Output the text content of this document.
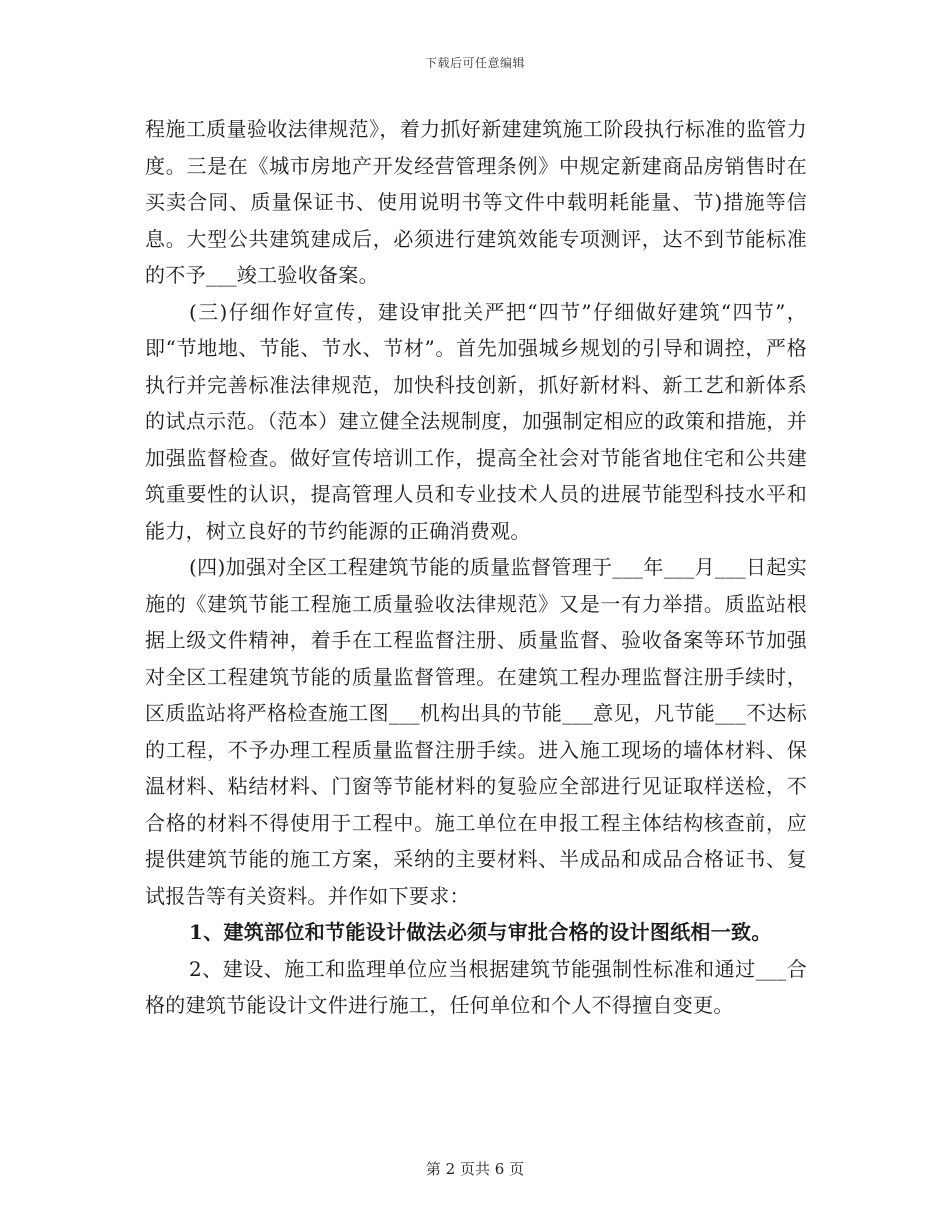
下载后可任意编辑

程施工质量验收法律规范》，着力抓好新建建筑施工阶段执行标准的监管力度。三是在《城市房地产开发经营管理条例》中规定新建商品房销售时在买卖合同、质量保证书、使用说明书等文件中载明耗能量、节)措施等信息。大型公共建筑建成后，必须进行建筑效能专项测评，达不到节能标准的不予___竣工验收备案。

(三)仔细作好宣传，建设审批关严把“四节”仔细做好建筑“四节”，即“节地地、节能、节水、节材”。首先加强城乡规划的引导和调控，严格执行并完善标准法律规范，加快科技创新，抓好新材料、新工艺和新体系的试点示范。（范本）建立健全法规制度，加强制定相应的政策和措施，并加强监督检查。做好宣传培训工作，提高全社会对节能省地住宅和公共建筑重要性的认识，提高管理人员和专业技术人员的进展节能型科技水平和能力，树立良好的节约能源的正确消费观。

(四)加强对全区工程建筑节能的质量监督管理于___年___月___日起实施的《建筑节能工程施工质量验收法律规范》又是一有力举措。质监站根据上级文件精神，着手在工程监督注册、质量监督、验收备案等环节加强对全区工程建筑节能的质量监督管理。在建筑工程办理监督注册手续时，区质监站将严格检查施工图___机构出具的节能___意见，凡节能___不达标的工程，不予办理工程质量监督注册手续。进入施工现场的墙体材料、保温材料、粘结材料、门窗等节能材料的复验应全部进行见证取样送检，不合格的材料不得使用于工程中。施工单位在申报工程主体结构核查前，应提供建筑节能的施工方案，采纳的主要材料、半成品和成品合格证书、复试报告等有关资料。并作如下要求：

1、建筑部位和节能设计做法必须与审批合格的设计图纸相一致。

2、建设、施工和监理单位应当根据建筑节能强制性标准和通过___合格的建筑节能设计文件进行施工，任何单位和个人不得擅自变更。

第 2 页共 6 页
